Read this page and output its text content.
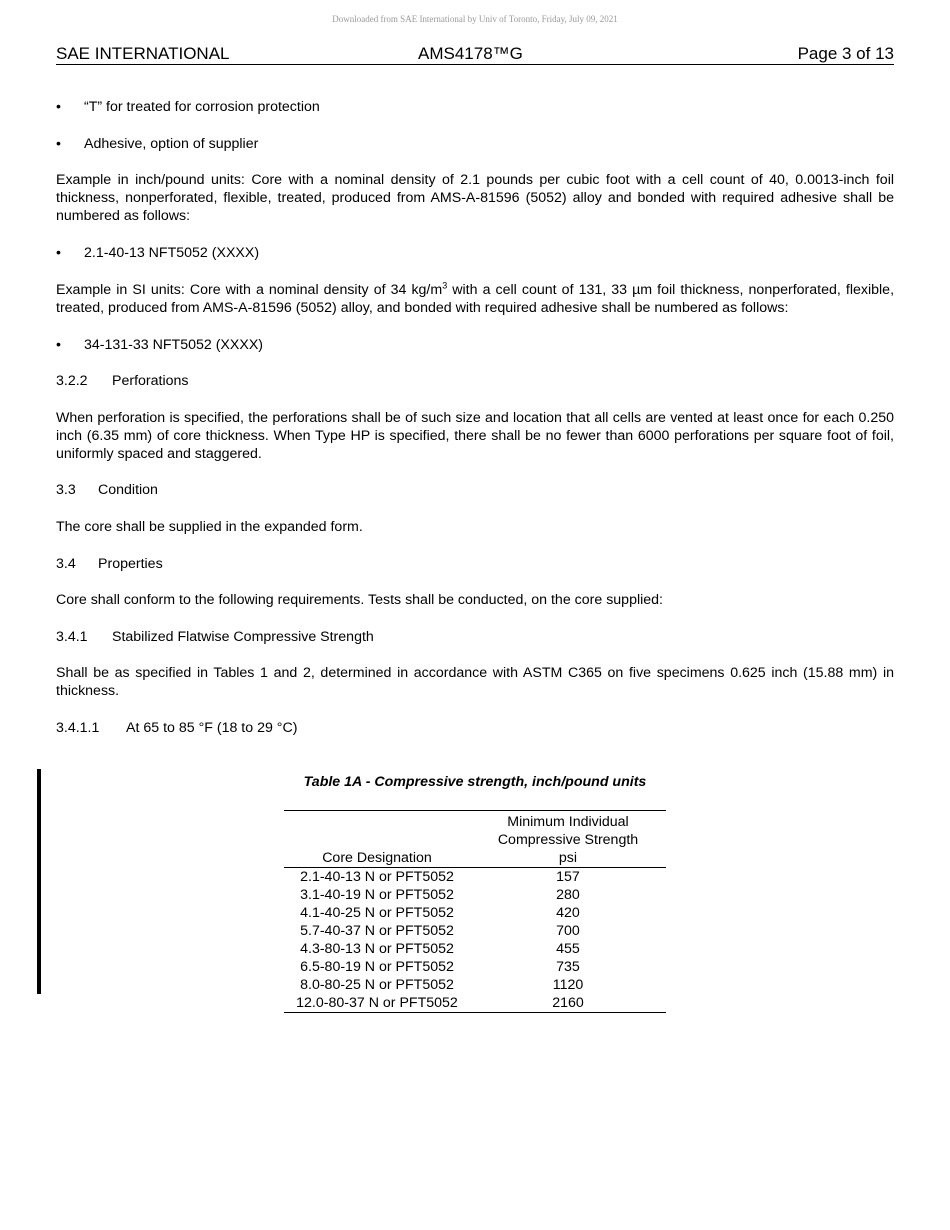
Downloaded from SAE International by Univ of Toronto, Friday, July 09, 2021
SAE INTERNATIONAL	AMS4178™G	Page 3 of 13
• “T” for treated for corrosion protection
• Adhesive, option of supplier
Example in inch/pound units: Core with a nominal density of 2.1 pounds per cubic foot with a cell count of 40, 0.0013-inch foil thickness, nonperforated, flexible, treated, produced from AMS-A-81596 (5052) alloy and bonded with required adhesive shall be numbered as follows:
• 2.1-40-13 NFT5052 (XXXX)
Example in SI units: Core with a nominal density of 34 $kg/m^3$ with a cell count of 131, 33 µm foil thickness, nonperforated, flexible, treated, produced from AMS-A-81596 (5052) alloy, and bonded with required adhesive shall be numbered as follows:
• 34-131-33 NFT5052 (XXXX)
3.2.2 Perforations
When perforation is specified, the perforations shall be of such size and location that all cells are vented at least once for each 0.250 inch (6.35 mm) of core thickness. When Type HP is specified, there shall be no fewer than 6000 perforations per square foot of foil, uniformly spaced and staggered.
3.3 Condition
The core shall be supplied in the expanded form.
3.4 Properties
Core shall conform to the following requirements. Tests shall be conducted, on the core supplied:
3.4.1 Stabilized Flatwise Compressive Strength
Shall be as specified in Tables 1 and 2, determined in accordance with ASTM C365 on five specimens 0.625 inch (15.88 mm) in thickness.
3.4.1.1 At 65 to 85 °F (18 to 29 °C)
Table 1A - Compressive strength, inch/pound units
Core Designation	Minimum Individual
Compressive Strength
psi

2.1-40-13 N or PFT5052	157
3.1-40-19 N or PFT5052	280
4.1-40-25 N or PFT5052	420
5.7-40-37 N or PFT5052	700
4.3-80-13 N or PFT5052	455
6.5-80-19 N or PFT5052	735
8.0-80-25 N or PFT5052	1120
12.0-80-37 N or PFT5052	2160
